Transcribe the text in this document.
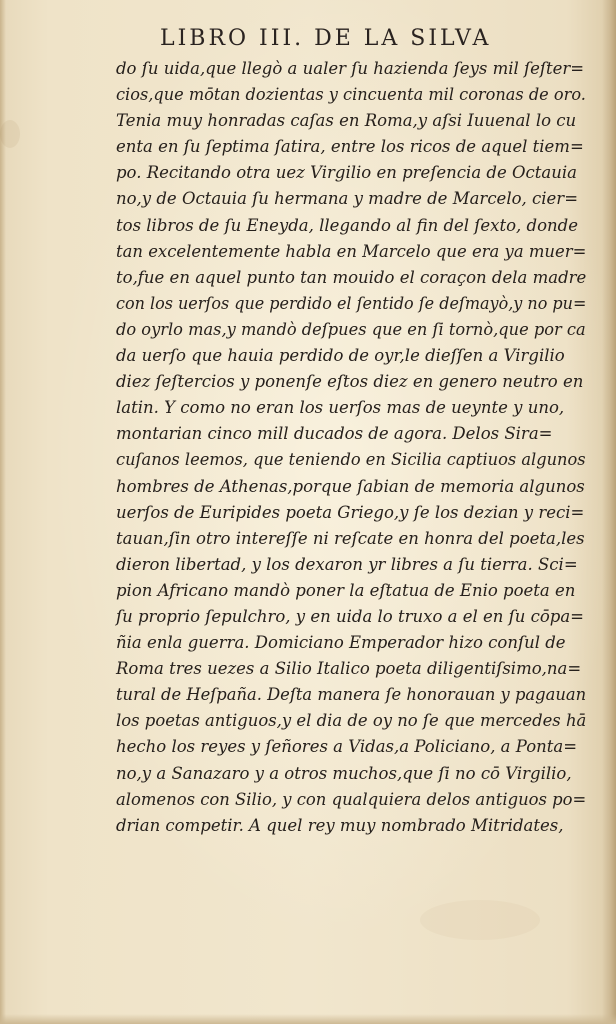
LIBRO III. DE LA SILVA
do ſu uida,que llegò a ualer ſu hazienda ſeys mil ſeſter=
cios,que mōtan dozientas y cincuenta mil coronas de oro.
Tenia muy honradas caſas en Roma,y aſsi Iuuenal lo cu
enta en ſu ſeptima ſatira, entre los ricos de aquel tiem=
po. Recitando otra uez Virgilio en preſencia de Octauia
no,y de Octauia ſu hermana y madre de Marcelo, cier=
tos libros de ſu Eneyda, llegando al fin del ſexto, donde
tan excelentemente habla en Marcelo que era ya muer=
to,fue en aquel punto tan mouido el coraçon dela madre
con los uerſos que perdido el ſentido ſe deſmayò,y no pu=
do oyrlo mas,y mandò deſpues que en ſi tornò,que por ca
da uerſo que hauia perdido de oyr,le dieſſen a Virgilio
diez ſeſtercios y ponenſe eſtos diez en genero neutro en
latin. Y como no eran los uerſos mas de ueynte y uno,
montarian cinco mill ducados de agora. Delos Sira=
cuſanos leemos, que teniendo en Sicilia captiuos algunos
hombres de Athenas,porque ſabian de memoria algunos
uerſos de Euripides poeta Griego,y ſe los dezian y reci=
tauan,ſin otro intereſſe ni reſcate en honra del poeta,les
dieron libertad, y los dexaron yr libres a ſu tierra. Sci=
pion Africano mandò poner la eſtatua de Enio poeta en
ſu proprio ſepulchro, y en uida lo truxo a el en ſu cōpa=
ñia enla guerra. Domiciano Emperador hizo conſul de
Roma tres uezes a Silio Italico poeta diligentiſsimo,na=
tural de Heſpaña. Deſta manera ſe honorauan y pagauan
los poetas antiguos,y el dia de oy no ſe que mercedes hā
hecho los reyes y ſeñores a Vidas,a Policiano, a Ponta=
no,y a Sanazaro y a otros muchos,que ſi no cō Virgilio,
alomenos con Silio, y con qualquiera delos antiguos po=
drian competir. A quel rey muy nombrado Mitridates,
